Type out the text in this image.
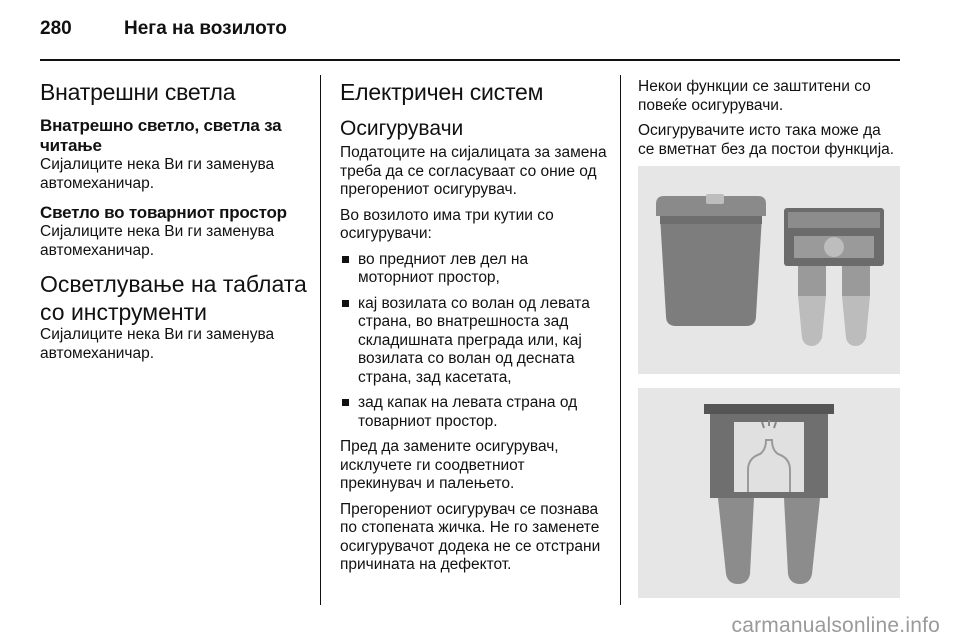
280	Нега на возилото
Внатрешни светла
Внатрешно светло, светла за читање
Сијалиците нека Ви ги заменува автомеханичар.
Светло во товарниот простор
Сијалиците нека Ви ги заменува автомеханичар.
Осветлување на таблата со инструменти
Сијалиците нека Ви ги заменува автомеханичар.
Електричен систем
Осигурувачи
Податоците на сијалицата за замена треба да се согласуваат со оние од прегорениот осигурувач.
Во возилото има три кутии со осигурувачи:
во предниот лев дел на моторниот простор,
кај возилата со волан од левата страна, во внатрешноста зад складишната преграда или, кај возилата со волан од десната страна, зад касетата,
зад капак на левата страна од товарниот простор.
Пред да замените осигурувач, исклучете ги соодветниот прекинувач и палењето.
Прегорениот осигурувач се познава по стопената жичка. Не го заменете осигурувачот додека не се отстрани причината на дефектот.
Некои функции се заштитени со повеќе осигурувачи.
Осигурувачите исто така може да се вметнат без да постои функција.
carmanualsonline.info
